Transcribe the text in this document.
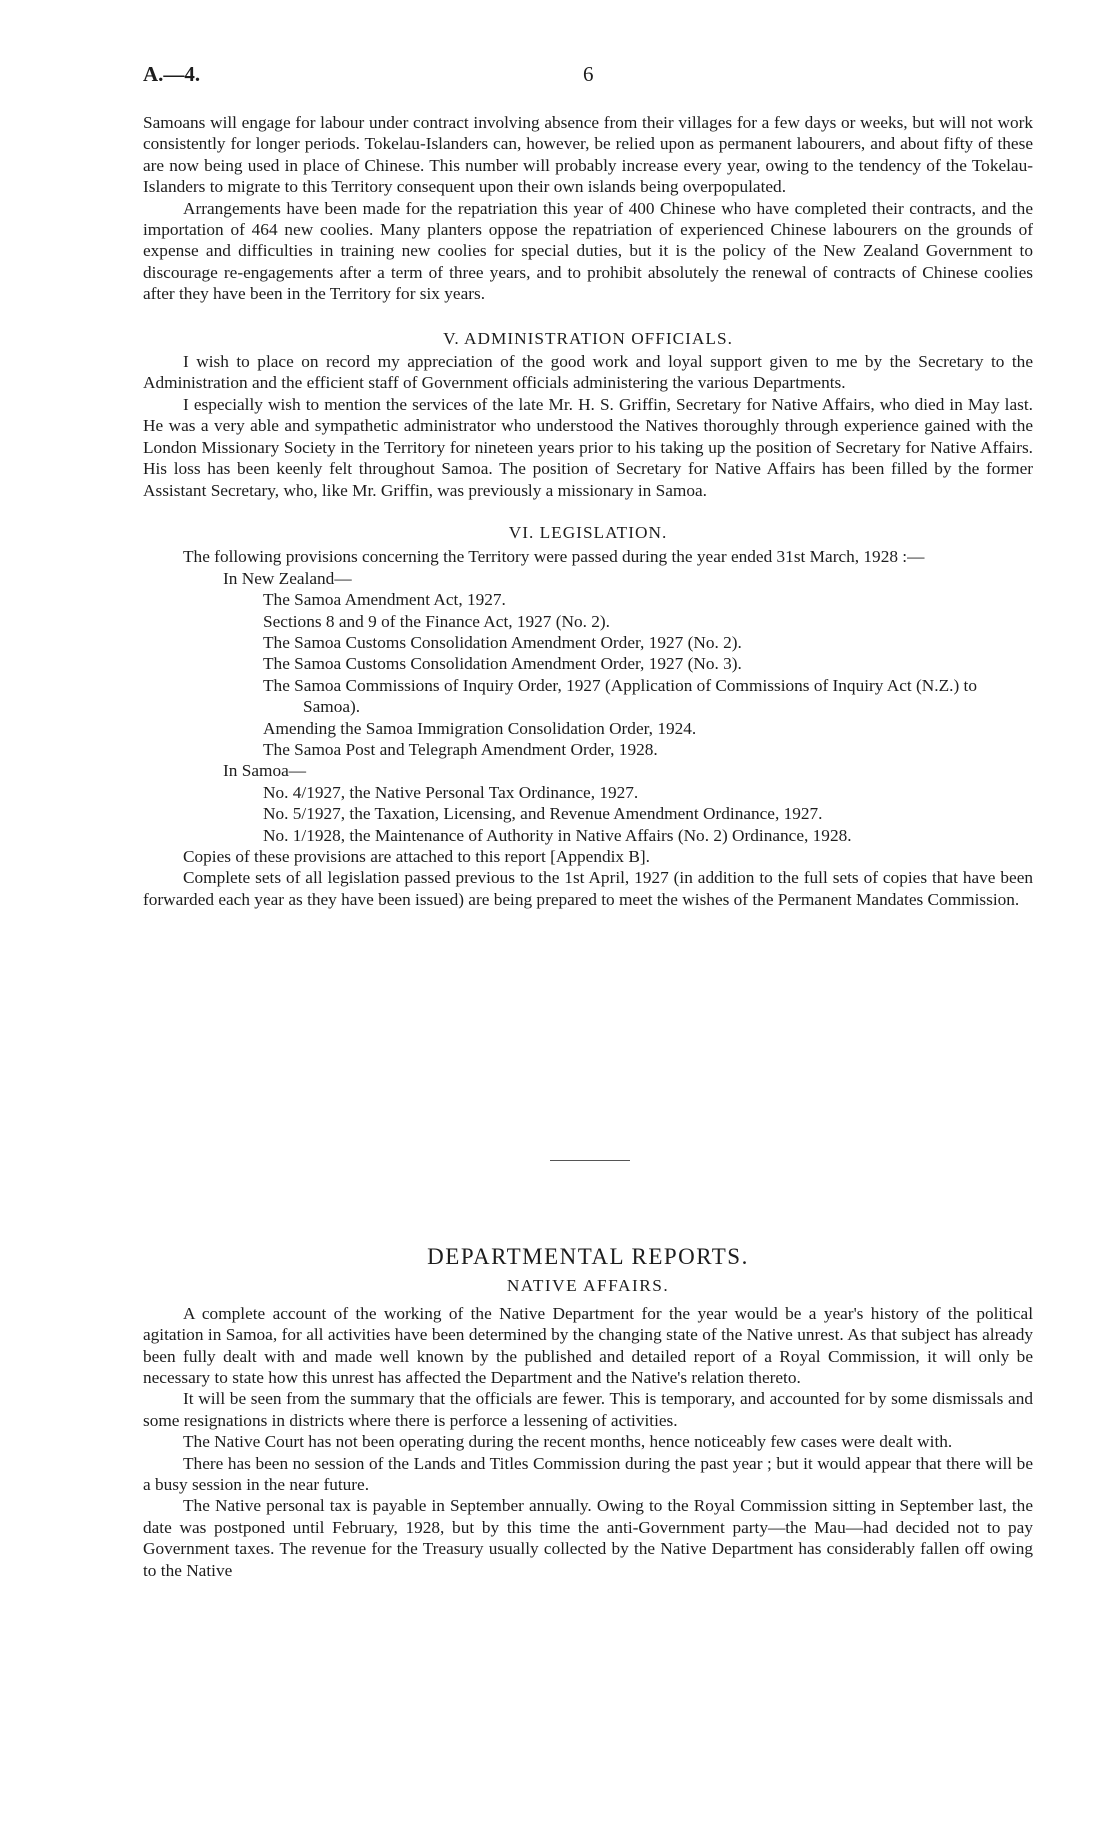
A.—4.	6

Samoans will engage for labour under contract involving absence from their villages for a few days or weeks, but will not work consistently for longer periods. Tokelau-Islanders can, however, be relied upon as permanent labourers, and about fifty of these are now being used in place of Chinese. This number will probably increase every year, owing to the tendency of the Tokelau-Islanders to migrate to this Territory consequent upon their own islands being overpopulated.

Arrangements have been made for the repatriation this year of 400 Chinese who have completed their contracts, and the importation of 464 new coolies. Many planters oppose the repatriation of experienced Chinese labourers on the grounds of expense and difficulties in training new coolies for special duties, but it is the policy of the New Zealand Government to discourage re-engagements after a term of three years, and to prohibit absolutely the renewal of contracts of Chinese coolies after they have been in the Territory for six years.

V. ADMINISTRATION OFFICIALS.

I wish to place on record my appreciation of the good work and loyal support given to me by the Secretary to the Administration and the efficient staff of Government officials administering the various Departments.

I especially wish to mention the services of the late Mr. H. S. Griffin, Secretary for Native Affairs, who died in May last. He was a very able and sympathetic administrator who understood the Natives thoroughly through experience gained with the London Missionary Society in the Territory for nineteen years prior to his taking up the position of Secretary for Native Affairs. His loss has been keenly felt throughout Samoa. The position of Secretary for Native Affairs has been filled by the former Assistant Secretary, who, like Mr. Griffin, was previously a missionary in Samoa.

VI. LEGISLATION.

The following provisions concerning the Territory were passed during the year ended 31st March, 1928 :—

In New Zealand—
The Samoa Amendment Act, 1927.
Sections 8 and 9 of the Finance Act, 1927 (No. 2).
The Samoa Customs Consolidation Amendment Order, 1927 (No. 2).
The Samoa Customs Consolidation Amendment Order, 1927 (No. 3).
The Samoa Commissions of Inquiry Order, 1927 (Application of Commissions of Inquiry Act (N.Z.) to Samoa).
Amending the Samoa Immigration Consolidation Order, 1924.
The Samoa Post and Telegraph Amendment Order, 1928.
In Samoa—
No. 4/1927, the Native Personal Tax Ordinance, 1927.
No. 5/1927, the Taxation, Licensing, and Revenue Amendment Ordinance, 1927.
No. 1/1928, the Maintenance of Authority in Native Affairs (No. 2) Ordinance, 1928.

Copies of these provisions are attached to this report [Appendix B].

Complete sets of all legislation passed previous to the 1st April, 1927 (in addition to the full sets of copies that have been forwarded each year as they have been issued) are being prepared to meet the wishes of the Permanent Mandates Commission.

DEPARTMENTAL REPORTS.
NATIVE AFFAIRS.

A complete account of the working of the Native Department for the year would be a year's history of the political agitation in Samoa, for all activities have been determined by the changing state of the Native unrest. As that subject has already been fully dealt with and made well known by the published and detailed report of a Royal Commission, it will only be necessary to state how this unrest has affected the Department and the Native's relation thereto.

It will be seen from the summary that the officials are fewer. This is temporary, and accounted for by some dismissals and some resignations in districts where there is perforce a lessening of activities.

The Native Court has not been operating during the recent months, hence noticeably few cases were dealt with.

There has been no session of the Lands and Titles Commission during the past year ; but it would appear that there will be a busy session in the near future.

The Native personal tax is payable in September annually. Owing to the Royal Commission sitting in September last, the date was postponed until February, 1928, but by this time the anti-Government party—the Mau—had decided not to pay Government taxes. The revenue for the Treasury usually collected by the Native Department has considerably fallen off owing to the Native
